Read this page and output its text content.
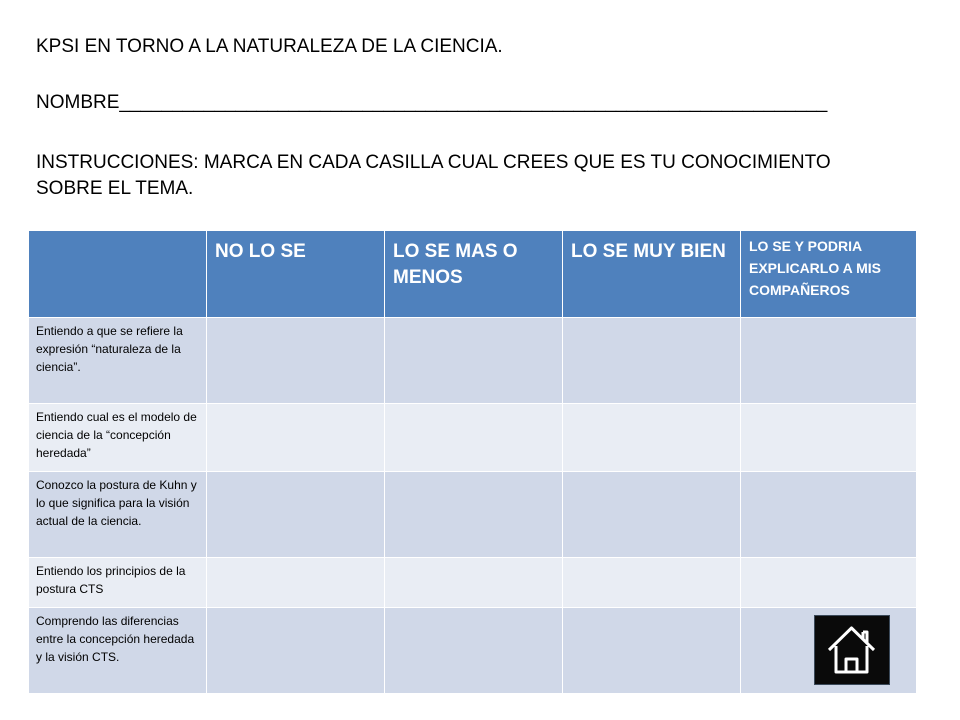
KPSI EN TORNO A LA NATURALEZA DE LA CIENCIA.
NOMBRE___________________________________________________________________
INSTRUCCIONES: MARCA EN CADA CASILLA CUAL CREES QUE ES TU CONOCIMIENTO SOBRE EL TEMA.
	NO LO SE	LO SE MAS O MENOS	LO SE MUY BIEN	LO SE Y PODRIA EXPLICARLO A MIS COMPAÑEROS
Entiendo a que se refiere la expresión “naturaleza de la ciencia”.				
Entiendo cual es el modelo de ciencia de la “concepción heredada”				
Conozco la postura de Kuhn y lo que significa para la visión actual de la ciencia.				
Entiendo los principios de la postura CTS				
Comprendo las diferencias entre la concepción heredada y la visión CTS.				
